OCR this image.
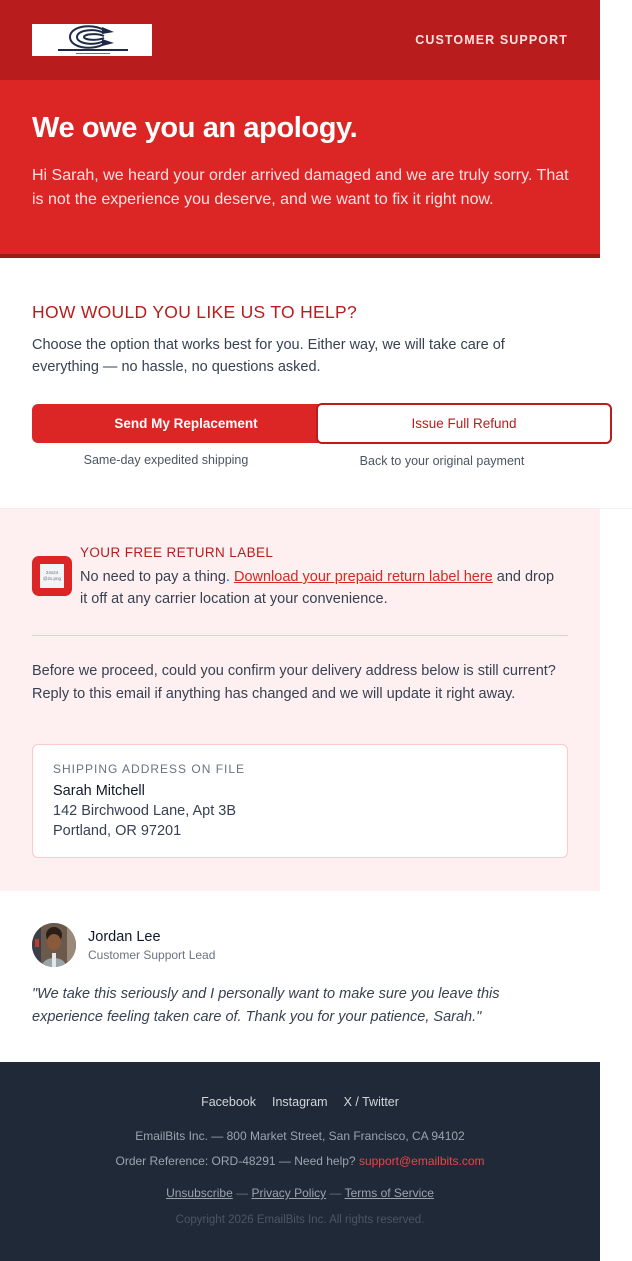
CUSTOMER SUPPORT
We owe you an apology.

Hi Sarah, we heard your order arrived damaged and we are truly sorry. That is not the experience you deserve, and we want to fix it right now.

HOW WOULD YOU LIKE US TO HELP?

Choose the option that works best for you. Either way, we will take care of everything — no hassle, no questions asked.

Send My Replacement	Issue Full Refund
Same-day expedited shipping	Back to your original payment
24x24 @2x.png
YOUR FREE RETURN LABEL

No need to pay a thing. Download your prepaid return label here and drop it off at any carrier location at your convenience.

Before we proceed, could you confirm your delivery address below is still current? Reply to this email if anything has changed and we will update it right away.

SHIPPING ADDRESS ON FILE
Sarah Mitchell
142 Birchwood Lane, Apt 3B
Portland, OR 97201
Jordan Lee
Customer Support Lead

"We take this seriously and I personally want to make sure you leave this experience feeling taken care of. Thank you for your patience, Sarah."

Facebook Instagram X / Twitter
EmailBits Inc. — 800 Market Street, San Francisco, CA 94102
Order Reference: ORD-48291 — Need help? support@emailbits.com
Unsubscribe — Privacy Policy — Terms of Service
Copyright 2026 EmailBits Inc. All rights reserved.
